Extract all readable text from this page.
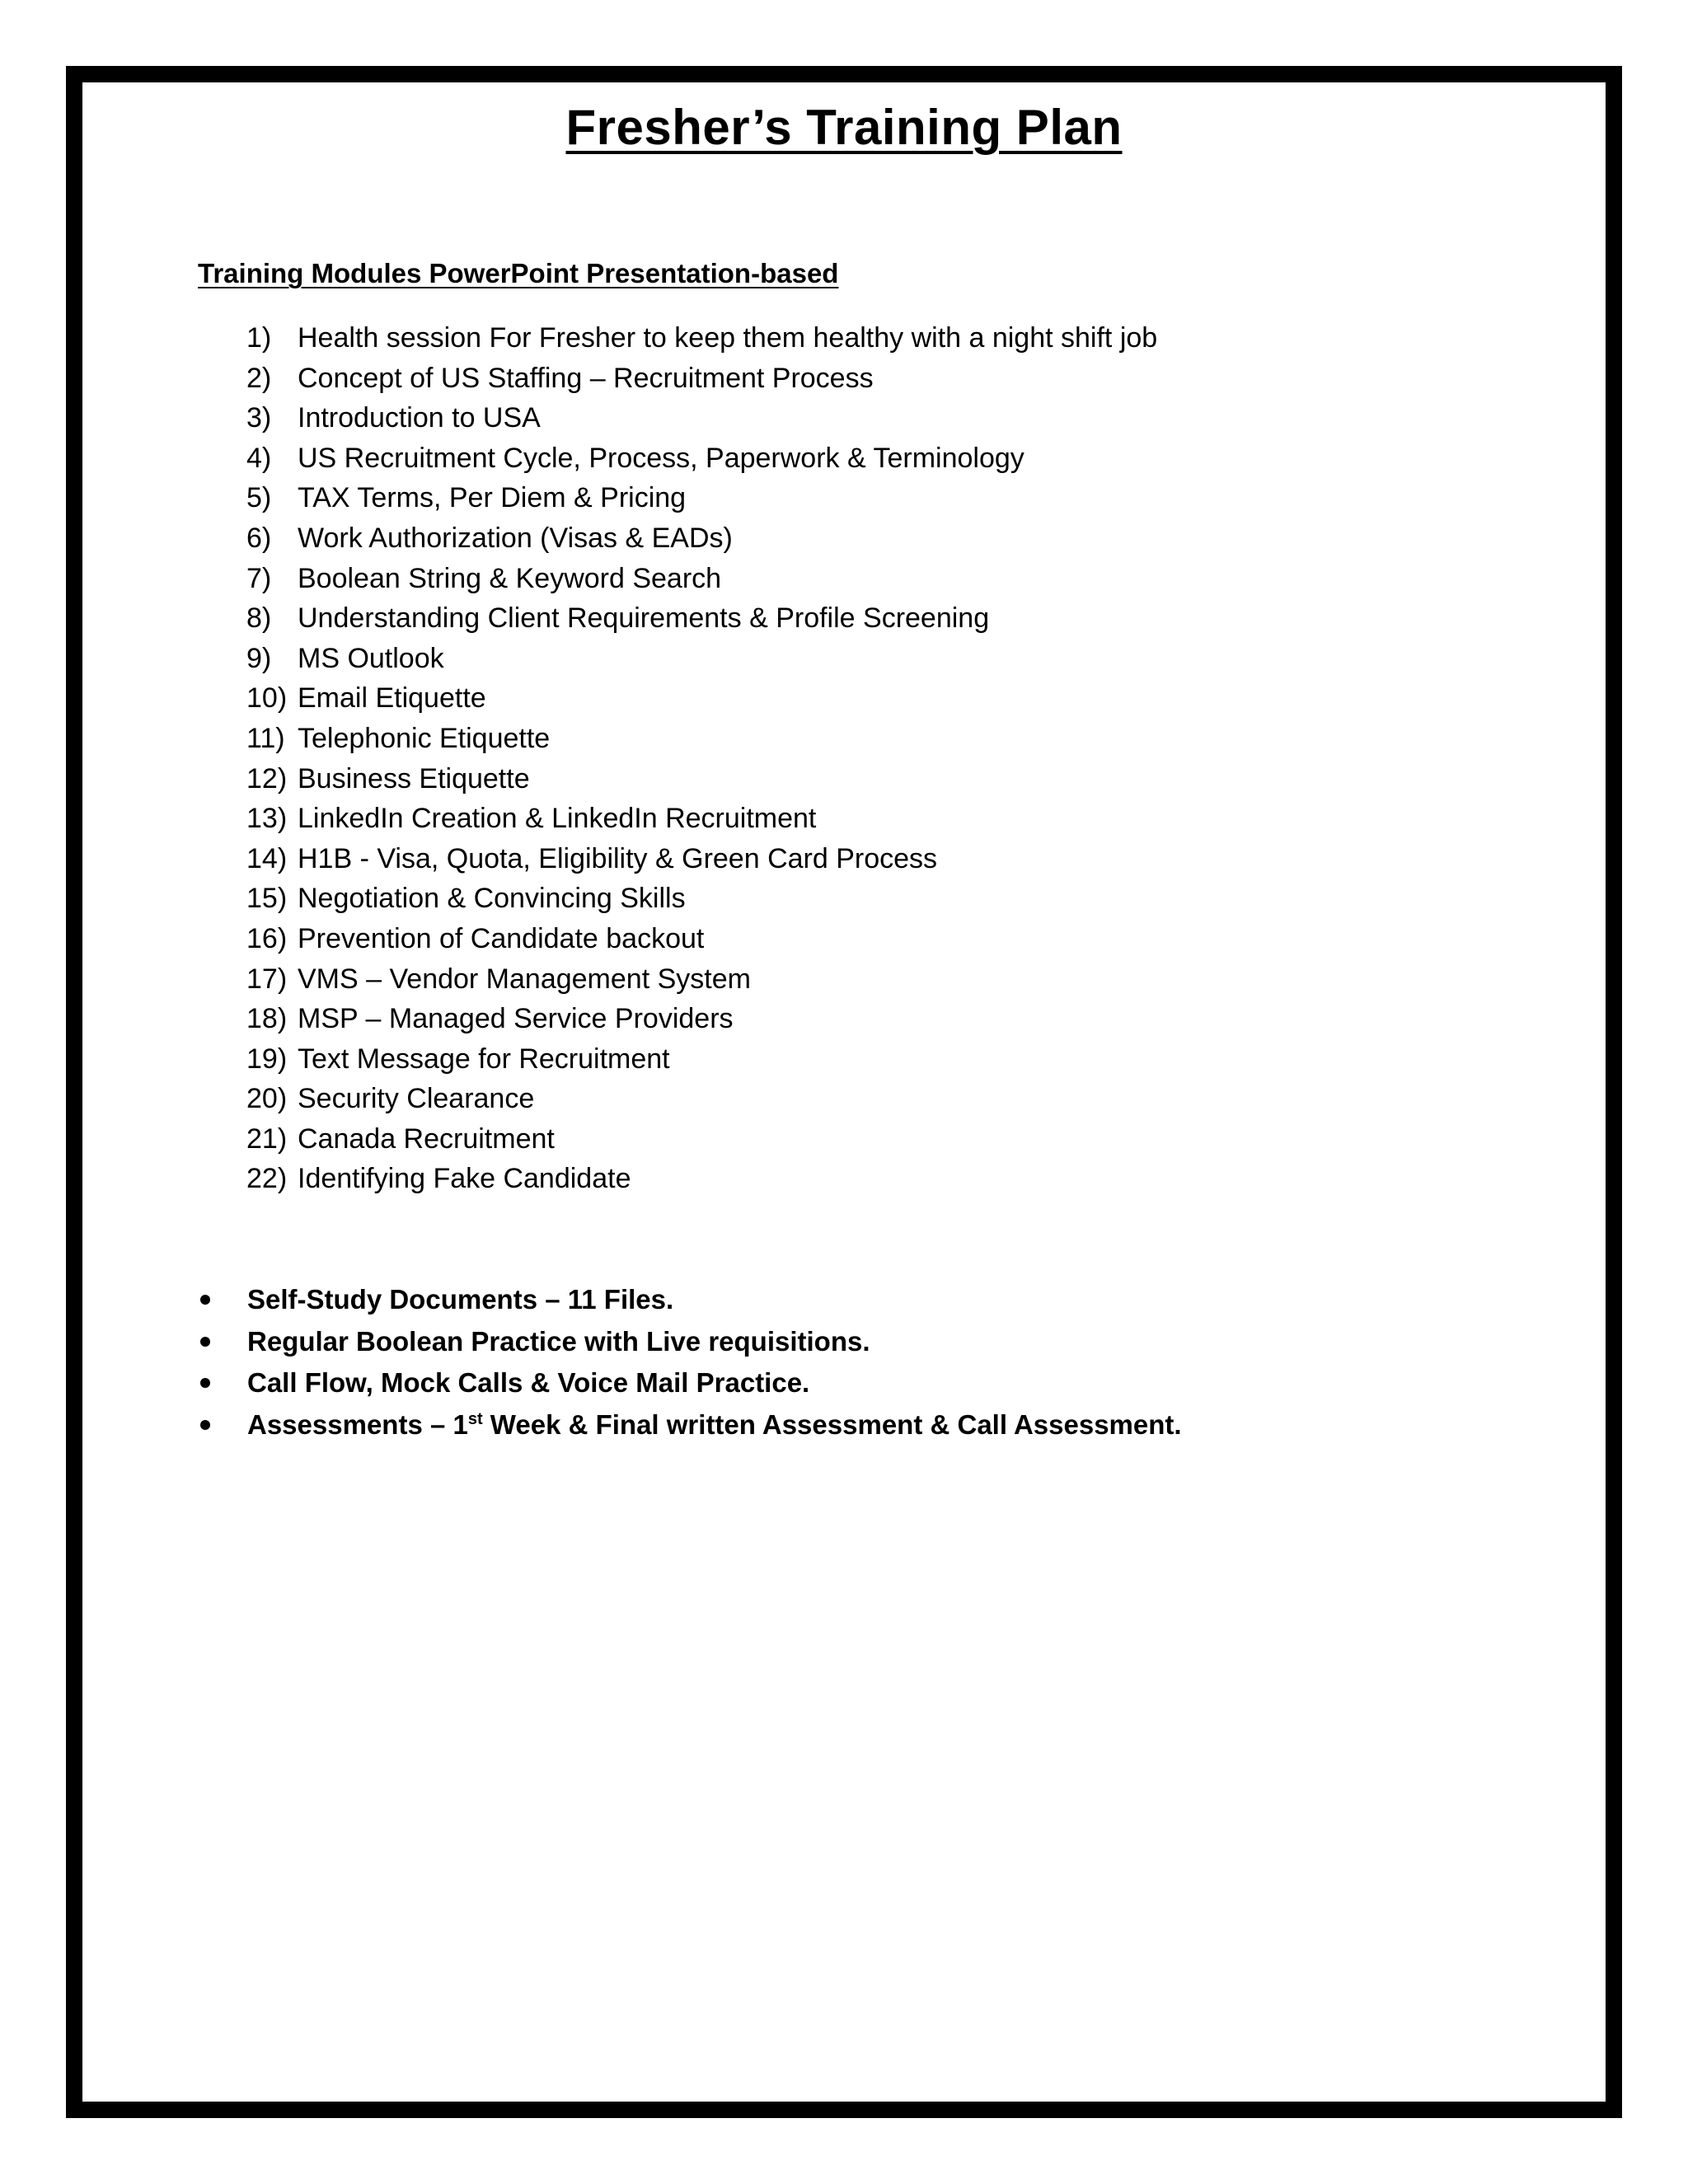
Fresher’s Training Plan
Training Modules PowerPoint Presentation-based
1) Health session For Fresher to keep them healthy with a night shift job
2) Concept of US Staffing – Recruitment Process
3) Introduction to USA
4) US Recruitment Cycle, Process, Paperwork & Terminology
5) TAX Terms, Per Diem & Pricing
6) Work Authorization (Visas & EADs)
7) Boolean String & Keyword Search
8) Understanding Client Requirements & Profile Screening
9) MS Outlook
10) Email Etiquette
11) Telephonic Etiquette
12) Business Etiquette
13) LinkedIn Creation & LinkedIn Recruitment
14) H1B - Visa, Quota, Eligibility & Green Card Process
15) Negotiation & Convincing Skills
16) Prevention of Candidate backout
17) VMS – Vendor Management System
18) MSP – Managed Service Providers
19) Text Message for Recruitment
20) Security Clearance
21) Canada Recruitment
22) Identifying Fake Candidate
Self-Study Documents – 11 Files.
Regular Boolean Practice with Live requisitions.
Call Flow, Mock Calls & Voice Mail Practice.
Assessments – 1st Week & Final written Assessment & Call Assessment.
